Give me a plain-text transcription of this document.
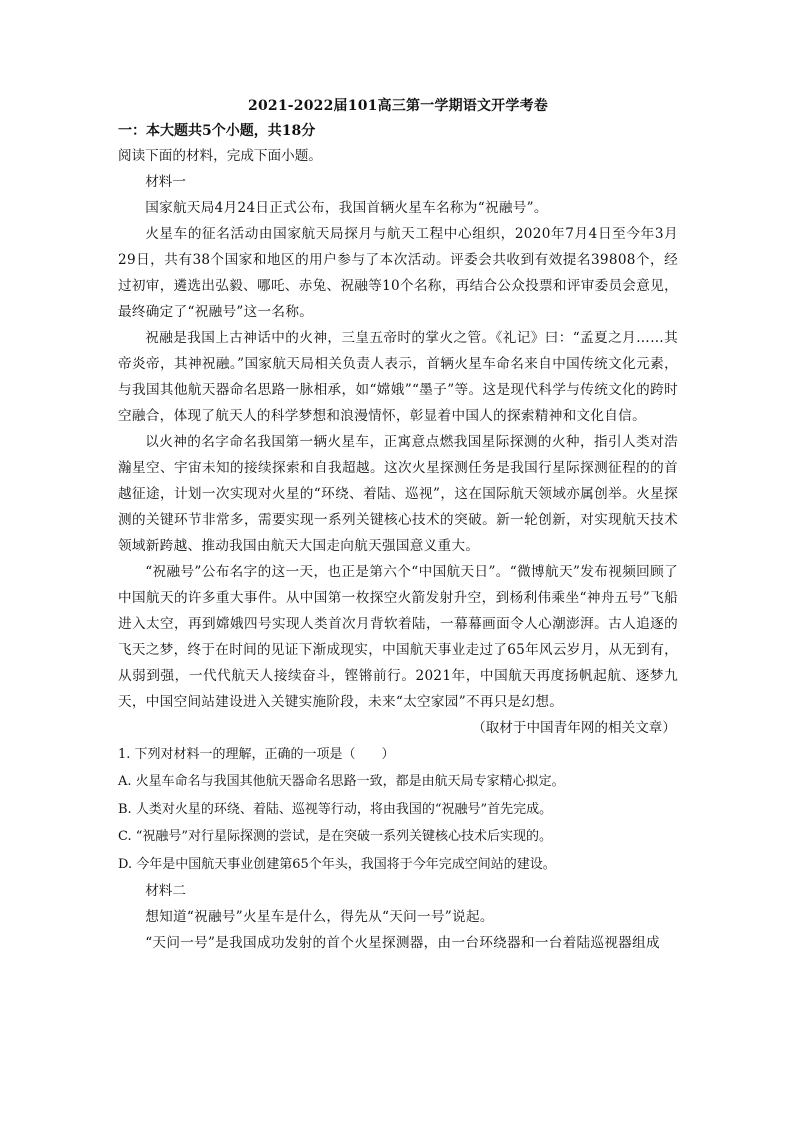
2021-2022届101高三第一学期语文开学考卷

一：本大题共5个小题，共18分

阅读下面的材料，完成下面小题。

材料一

国家航天局4月24日正式公布，我国首辆火星车名称为“祝融号”。

火星车的征名活动由国家航天局探月与航天工程中心组织，2020年7月4日至今年3月29日，共有38个国家和地区的用户参与了本次活动。评委会共收到有效提名39808个，经过初审，遴选出弘毅、哪吒、赤兔、祝融等10个名称，再结合公众投票和评审委员会意见，最终确定了“祝融号”这一名称。

祝融是我国上古神话中的火神，三皇五帝时的掌火之管。《礼记》曰：“孟夏之月……其帝炎帝，其神祝融。”国家航天局相关负责人表示，首辆火星车命名来自中国传统文化元素，与我国其他航天器命名思路一脉相承，如“嫦娥”“墨子”等。这是现代科学与传统文化的跨时空融合，体现了航天人的科学梦想和浪漫情怀，彰显着中国人的探索精神和文化自信。

以火神的名字命名我国第一辆火星车，正寓意点燃我国星际探测的火种，指引人类对浩瀚星空、宇宙未知的接续探索和自我超越。这次火星探测任务是我国行星际探测征程的的首越征途，计划一次实现对火星的“环绕、着陆、巡视”，这在国际航天领域亦属创举。火星探测的关键环节非常多，需要实现一系列关键核心技术的突破。新一轮创新，对实现航天技术领域新跨越、推动我国由航天大国走向航天强国意义重大。

“祝融号”公布名字的这一天，也正是第六个“中国航天日”。“微博航天”发布视频回顾了中国航天的许多重大事件。从中国第一枚探空火箭发射升空，到杨利伟乘坐“神舟五号”飞船进入太空，再到嫦娥四号实现人类首次月背软着陆，一幕幕画面令人心潮澎湃。古人追逐的飞天之梦，终于在时间的见证下渐成现实，中国航天事业走过了65年风云岁月，从无到有，从弱到强，一代代航天人接续奋斗，铿锵前行。2021年，中国航天再度扬帆起航、逐梦九天，中国空间站建设进入关键实施阶段，未来“太空家园”不再只是幻想。

（取材于中国青年网的相关文章）

1. 下列对材料一的理解，正确的一项是（　　）

A. 火星车命名与我国其他航天器命名思路一致，都是由航天局专家精心拟定。

B. 人类对火星的环绕、着陆、巡视等行动，将由我国的“祝融号”首先完成。

C. “祝融号”对行星际探测的尝试，是在突破一系列关键核心技术后实现的。

D. 今年是中国航天事业创建第65个年头，我国将于今年完成空间站的建设。

材料二

想知道“祝融号”火星车是什么，得先从“天问一号”说起。

“天问一号”是我国成功发射的首个火星探测器，由一台环绕器和一台着陆巡视器组成
